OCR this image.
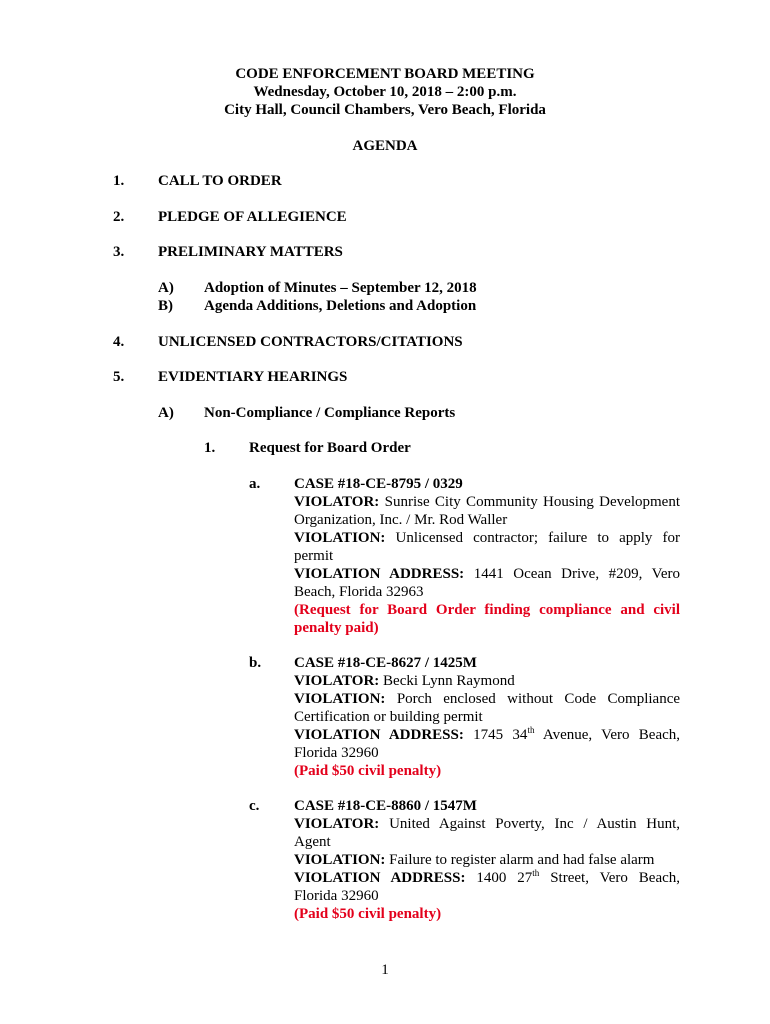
CODE ENFORCEMENT BOARD MEETING
Wednesday, October 10, 2018 – 2:00 p.m.
City Hall, Council Chambers, Vero Beach, Florida
AGENDA
1. CALL TO ORDER
2. PLEDGE OF ALLEGIENCE
3. PRELIMINARY MATTERS
A) Adoption of Minutes – September 12, 2018
B) Agenda Additions, Deletions and Adoption
4. UNLICENSED CONTRACTORS/CITATIONS
5. EVIDENTIARY HEARINGS
A) Non-Compliance / Compliance Reports
1. Request for Board Order
a. CASE #18-CE-8795 / 0329
VIOLATOR: Sunrise City Community Housing Development
Organization, Inc. / Mr. Rod Waller
VIOLATION: Unlicensed contractor; failure to apply for
permit
VIOLATION ADDRESS: 1441 Ocean Drive, #209, Vero
Beach, Florida 32963
(Request for Board Order finding compliance and civil
penalty paid)
b. CASE #18-CE-8627 / 1425M
VIOLATOR: Becki Lynn Raymond
VIOLATION: Porch enclosed without Code Compliance
Certification or building permit
VIOLATION ADDRESS: 1745 34th Avenue, Vero Beach,
Florida 32960
(Paid $50 civil penalty)
c. CASE #18-CE-8860 / 1547M
VIOLATOR: United Against Poverty, Inc / Austin Hunt,
Agent
VIOLATION: Failure to register alarm and had false alarm
VIOLATION ADDRESS: 1400 27th Street, Vero Beach,
Florida 32960
(Paid $50 civil penalty)
1
